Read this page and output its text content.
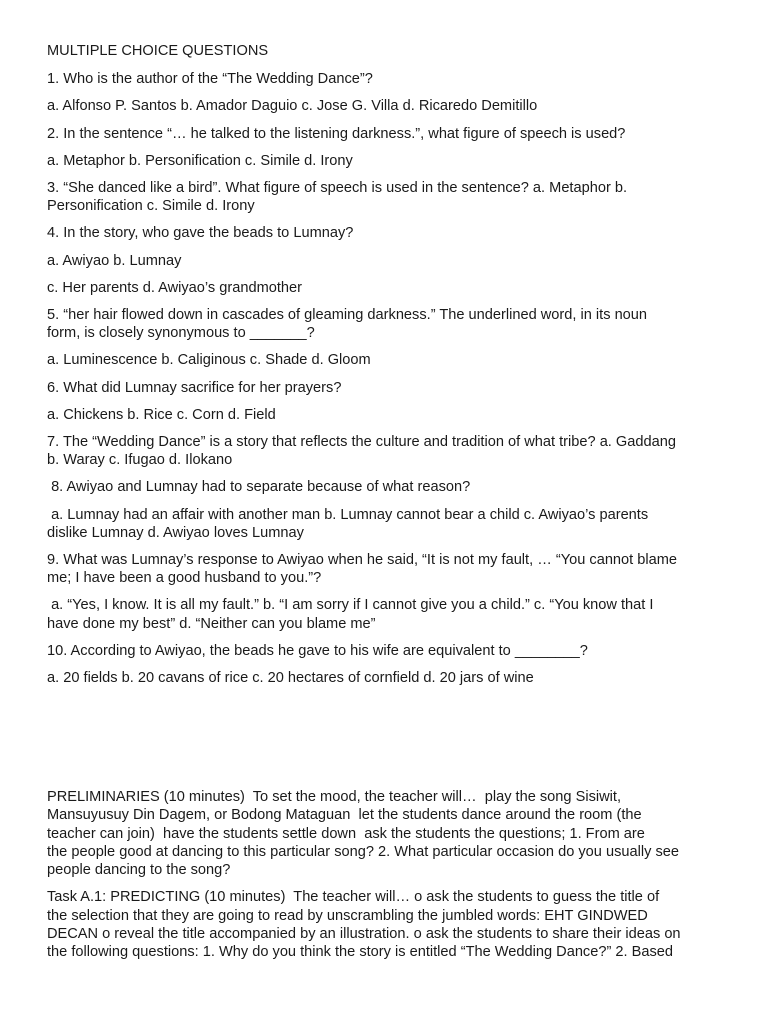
MULTIPLE CHOICE QUESTIONS

1. Who is the author of the “The Wedding Dance”?

a. Alfonso P. Santos b. Amador Daguio c. Jose G. Villa d. Ricaredo Demitillo

2. In the sentence “… he talked to the listening darkness.”, what figure of speech is used?

a. Metaphor b. Personification c. Simile d. Irony

3. “She danced like a bird”. What figure of speech is used in the sentence? a. Metaphor b.
Personification c. Simile d. Irony

4. In the story, who gave the beads to Lumnay?

a. Awiyao b. Lumnay

c. Her parents d. Awiyao’s grandmother

5. “her hair flowed down in cascades of gleaming darkness.” The underlined word, in its noun
form, is closely synonymous to _______?

a. Luminescence b. Caliginous c. Shade d. Gloom

6. What did Lumnay sacrifice for her prayers?

a. Chickens b. Rice c. Corn d. Field

7. The “Wedding Dance” is a story that reflects the culture and tradition of what tribe? a. Gaddang
b. Waray c. Ifugao d. Ilokano

8. Awiyao and Lumnay had to separate because of what reason?

a. Lumnay had an affair with another man b. Lumnay cannot bear a child c. Awiyao’s parents
dislike Lumnay d. Awiyao loves Lumnay

9. What was Lumnay’s response to Awiyao when he said, “It is not my fault, … “You cannot blame
me; I have been a good husband to you.”?

a. “Yes, I know. It is all my fault.” b. “I am sorry if I cannot give you a child.” c. “You know that I
have done my best” d. “Neither can you blame me”

10. According to Awiyao, the beads he gave to his wife are equivalent to ________?

a. 20 fields b. 20 cavans of rice c. 20 hectares of cornfield d. 20 jars of wine

PRELIMINARIES (10 minutes)  To set the mood, the teacher will…  play the song Sisiwit,
Mansuyusuy Din Dagem, or Bodong Mataguan  let the students dance around the room (the
teacher can join)  have the students settle down  ask the students the questions; 1. From are
the people good at dancing to this particular song? 2. What particular occasion do you usually see
people dancing to the song?

Task A.1: PREDICTING (10 minutes)  The teacher will… o ask the students to guess the title of
the selection that they are going to read by unscrambling the jumbled words: EHT GINDWED
DECAN o reveal the title accompanied by an illustration. o ask the students to share their ideas on
the following questions: 1. Why do you think the story is entitled “The Wedding Dance?” 2. Based
